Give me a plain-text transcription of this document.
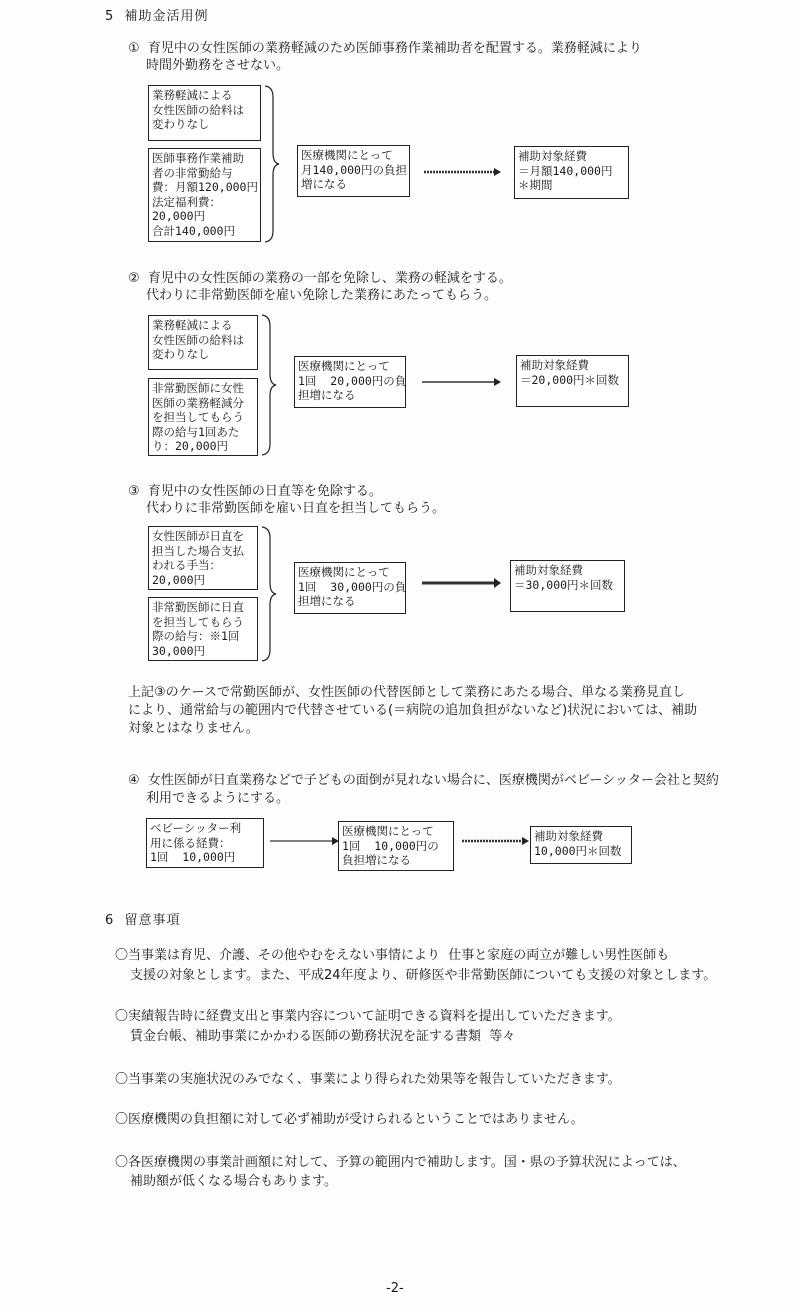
5  補助金活用例
①  育児中の女性医師の業務軽減のため医師事務作業補助者を配置する。業務軽減により
時間外勤務をさせない。
業務軽減による
女性医師の給料は
変わりなし
医師事務作業補助
者の非常勤給与
費：月額120,000円
法定福利費：
20,000円
合計140,000円
医療機関にとって
月140,000円の負担
増になる
補助対象経費
＝月額140,000円
＊期間
②  育児中の女性医師の業務の一部を免除し、業務の軽減をする。
代わりに非常勤医師を雇い免除した業務にあたってもらう。
業務軽減による
女性医師の給料は
変わりなし
非常勤医師に女性
医師の業務軽減分
を担当してもらう
際の給与1回あた
り：20,000円
医療機関にとって
1回  20,000円の負
担増になる
補助対象経費
＝20,000円＊回数
③  育児中の女性医師の日直等を免除する。
代わりに非常勤医師を雇い日直を担当してもらう。
女性医師が日直を
担当した場合支払
われる手当：
20,000円
非常勤医師に日直
を担当してもらう
際の給与：※1回
30,000円
医療機関にとって
1回  30,000円の負
担増になる
補助対象経費
＝30,000円＊回数
上記③のケースで常勤医師が、女性医師の代替医師として業務にあたる場合、単なる業務見直し
により、通常給与の範囲内で代替させている(＝病院の追加負担がないなど)状況においては、補助
対象とはなりません。
④  女性医師が日直業務などで子どもの面倒が見れない場合に、医療機関がベビーシッター会社と契約
利用できるようにする。
ベビーシッター利
用に係る経費：
1回  10,000円
医療機関にとって
1回  10,000円の
負担増になる
補助対象経費
10,000円＊回数
6  留意事項
〇当事業は育児、介護、その他やむをえない事情により  仕事と家庭の両立が難しい男性医師も
支援の対象とします。また、平成24年度より、研修医や非常勤医師についても支援の対象とします。
〇実績報告時に経費支出と事業内容について証明できる資料を提出していただきます。
賃金台帳、補助事業にかかわる医師の勤務状況を証する書類  等々
〇当事業の実施状況のみでなく、事業により得られた効果等を報告していただきます。
〇医療機関の負担額に対して必ず補助が受けられるということではありません。
〇各医療機関の事業計画額に対して、予算の範囲内で補助します。国・県の予算状況によっては、
補助額が低くなる場合もあります。
-2-
